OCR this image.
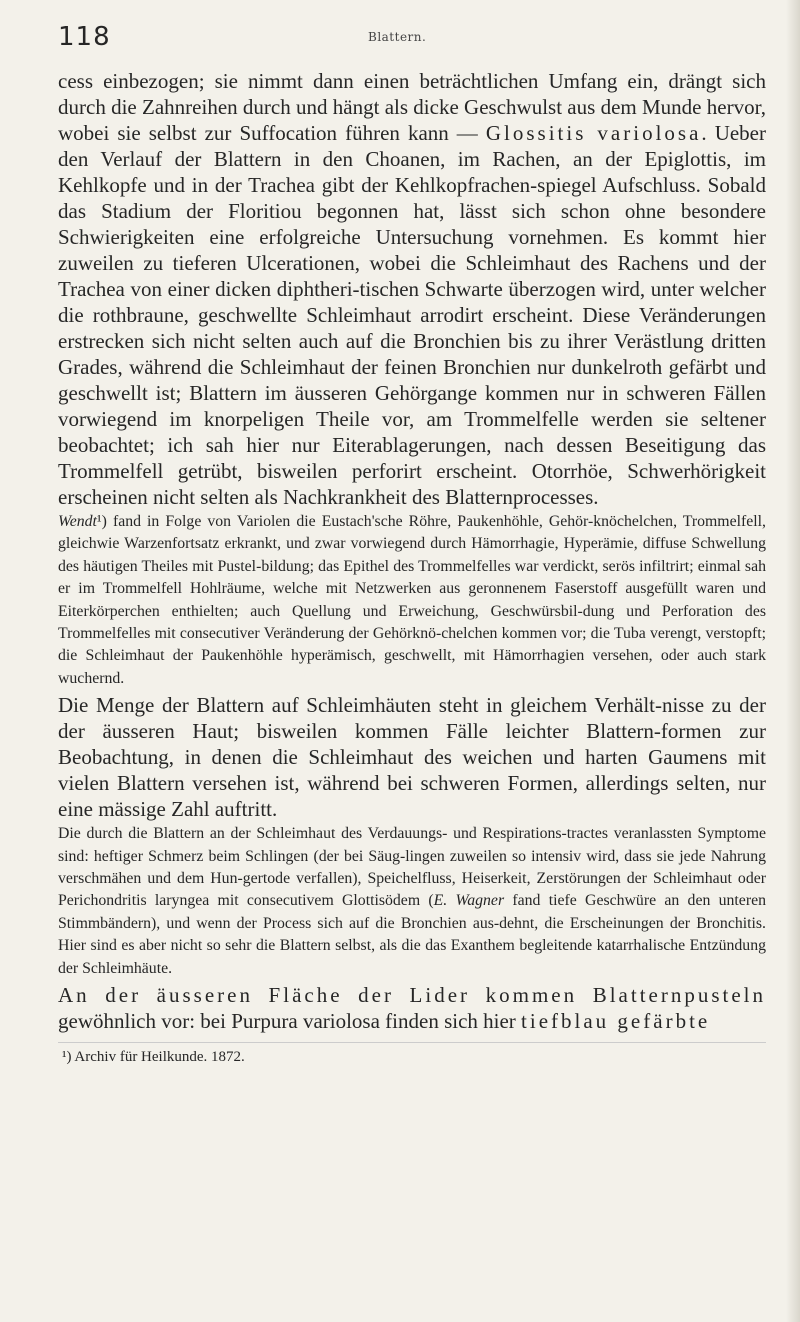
118	Blattern.

cess einbezogen; sie nimmt dann einen beträchtlichen Umfang ein, drängt sich durch die Zahnreihen durch und hängt als dicke Geschwulst aus dem Munde hervor, wobei sie selbst zur Suffocation führen kann — Glossitis variolosa. Ueber den Verlauf der Blattern in den Choanen, im Rachen, an der Epiglottis, im Kehlkopfe und in der Trachea gibt der Kehlkopfrachen-spiegel Aufschluss. Sobald das Stadium der Floritiou begonnen hat, lässt sich schon ohne besondere Schwierigkeiten eine erfolgreiche Untersuchung vornehmen. Es kommt hier zuweilen zu tieferen Ulcerationen, wobei die Schleimhaut des Rachens und der Trachea von einer dicken diphtheri-tischen Schwarte überzogen wird, unter welcher die rothbraune, geschwellte Schleimhaut arrodirt erscheint. Diese Veränderungen erstrecken sich nicht selten auch auf die Bronchien bis zu ihrer Verästlung dritten Grades, während die Schleimhaut der feinen Bronchien nur dunkelroth gefärbt und geschwellt ist; Blattern im äusseren Gehörgange kommen nur in schweren Fällen vorwiegend im knorpeligen Theile vor, am Trommelfelle werden sie seltener beobachtet; ich sah hier nur Eiterablagerungen, nach dessen Beseitigung das Trommelfell getrübt, bisweilen perforirt erscheint. Otorrhöe, Schwerhörigkeit erscheinen nicht selten als Nachkrankheit des Blatternprocesses.

Wendt¹) fand in Folge von Variolen die Eustach'sche Röhre, Paukenhöhle, Gehör-knöchelchen, Trommelfell, gleichwie Warzenfortsatz erkrankt, und zwar vorwiegend durch Hämorrhagie, Hyperämie, diffuse Schwellung des häutigen Theiles mit Pustel-bildung; das Epithel des Trommelfelles war verdickt, serös infiltrirt; einmal sah er im Trommelfell Hohlräume, welche mit Netzwerken aus geronnenem Faserstoff ausgefüllt waren und Eiterkörperchen enthielten; auch Quellung und Erweichung, Geschwürsbil-dung und Perforation des Trommelfelles mit consecutiver Veränderung der Gehörknö-chelchen kommen vor; die Tuba verengt, verstopft; die Schleimhaut der Paukenhöhle hyperämisch, geschwellt, mit Hämorrhagien versehen, oder auch stark wuchernd.

Die Menge der Blattern auf Schleimhäuten steht in gleichem Verhält-nisse zu der der äusseren Haut; bisweilen kommen Fälle leichter Blattern-formen zur Beobachtung, in denen die Schleimhaut des weichen und harten Gaumens mit vielen Blattern versehen ist, während bei schweren Formen, allerdings selten, nur eine mässige Zahl auftritt.

Die durch die Blattern an der Schleimhaut des Verdauungs- und Respirations-tractes veranlassten Symptome sind: heftiger Schmerz beim Schlingen (der bei Säug-lingen zuweilen so intensiv wird, dass sie jede Nahrung verschmähen und dem Hun-gertode verfallen), Speichelfluss, Heiserkeit, Zerstörungen der Schleimhaut oder Perichondritis laryngea mit consecutivem Glottisödem (E. Wagner fand tiefe Geschwüre an den unteren Stimmbändern), und wenn der Process sich auf die Bronchien aus-dehnt, die Erscheinungen der Bronchitis. Hier sind es aber nicht so sehr die Blattern selbst, als die das Exanthem begleitende katarrhalische Entzündung der Schleimhäute.

An der äusseren Fläche der Lider kommen Blatternpusteln gewöhnlich vor: bei Purpura variolosa finden sich hier tiefblau gefärbte

¹) Archiv für Heilkunde. 1872.
